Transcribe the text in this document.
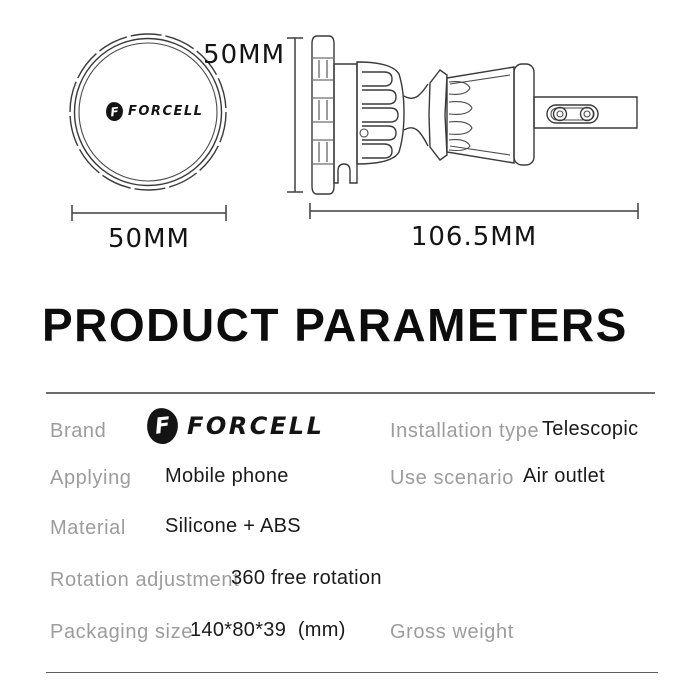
F FORCELL
50MM
50MM
106.5MM
PRODUCT PARAMETERS
Brand F FORCELL	Installation type Telescopic
Applying Mobile phone	Use scenario Air outlet
Material Silicone + ABS
Rotation adjustment
360 free rotation
Packaging size
140*80*39  (mm) Gross weight
